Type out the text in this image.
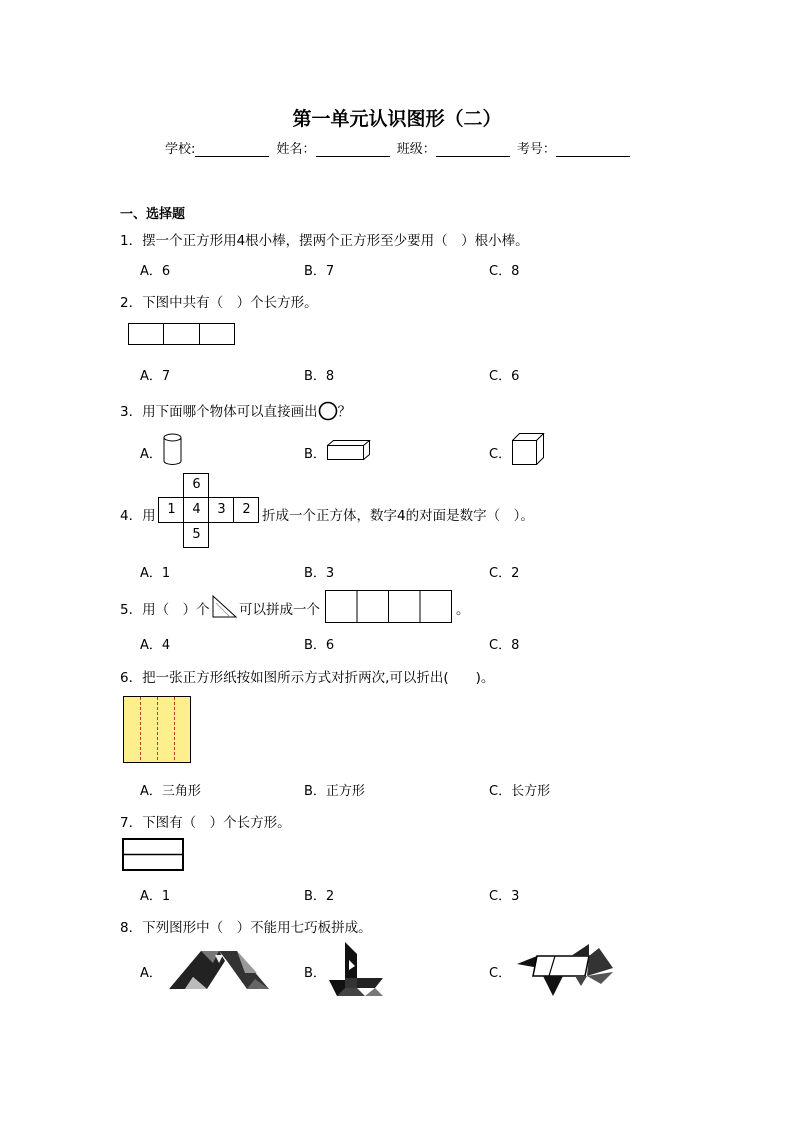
第一单元认识图形（二）
学校:	姓名：	班级：	考号：
一、选择题
1．摆一个正方形用4根小棒，摆两个正方形至少要用（　）根小棒。
A．6	B．7	C．8
2．下图中共有（　）个长方形。
A．7	B．8	C．6
3．用下面哪个物体可以直接画出 ？
A．	B．	C．
4．用
6
1	4	3	2
5
折成一个正方体，数字4的对面是数字（　）。
A．1	B．3	C．2
5．用（　）个 可以拼成一个	。
A．4	B．6	C．8
6．把一张正方形纸按如图所示方式对折两次,可以折出(　　)。
A．三角形	B．正方形	C．长方形
7．下图有（　）个长方形。
A．1	B．2	C．3
8．下列图形中（　）不能用七巧板拼成。
A．	B．	C．
